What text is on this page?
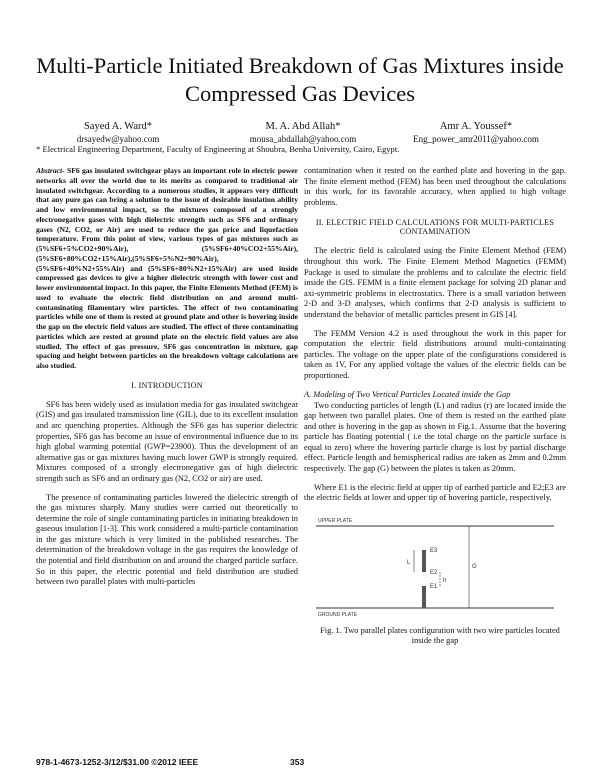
Multi-Particle Initiated Breakdown of Gas Mixtures inside Compressed Gas Devices
Sayed A. Ward*
drsayedw@yahoo.com
M. A. Abd Allah*
mousa_abdallah@yahoo.com
Amr A. Youssef*
Eng_power_amr2011@yahoo.com
* Electrical Engineering Department, Faculty of Engineering at Shoubra, Benha University, Cairo, Egypt.

Abstract- SF6 gas insulated switchgear plays an important role in electric power networks all over the world due to its merits as compared to traditional air insulated switchgear. According to a numerous studies, it appears very difficult that any pure gas can bring a solution to the issue of desirable insulation ability and low environmental impact, so the mixtures composed of a strongly electronegative gases with high dielectric strength such as SF6 and ordinary gases (N2, CO2, or Air) are used to reduce the gas price and liquefaction temperature. From this point of view, various types of gas mixtures such as (5%SF6+5%CO2+90%Air), (5%SF6+40%CO2+55%Air),(5%SF6+80%CO2+15%Air),(5%SF6+5%N2+90%Air),(5%SF6+40%N2+55%Air) and (5%SF6+80%N2+15%Air) are used inside compressed gas devices to give a higher dielectric strength with lower cost and lower environmental impact. In this paper, the Finite Elements Method (FEM) is used to evaluate the electric field distribution on and around multi-contaminating filamentary wire particles. The effect of two contaminating particles while one of them is rested at ground plate and other is hovering inside the gap on the electric field values are studied. The effect of three contaminating particles which are rested at ground plate on the electric field values are also studied. The effect of gas pressure, SF6 gas concentration in mixture, gap spacing and height between particles on the breakdown voltage calculations are also studied.

I. INTRODUCTION

SF6 has been widely used as insulation media for gas insulated switchgear (GIS) and gas insulated transmission line (GIL), due to its excellent insulation and arc quenching properties. Although the SF6 gas has superior dielectric properties, SF6 gas has become an issue of environmental influence due to its high global warming potential (GWP=23900). Thus the development of an alternative gas or gas mixtures having much lower GWP is strongly required. Mixtures composed of a strongly electronegative gas of high dielectric strength such as SF6 and an ordinary gas (N2, CO2 or air) are used.

The presence of contaminating particles lowered the dielectric strength of the gas mixtures sharply. Many studies were carried out theoretically to determine the role of single contaminating particles in initiating breakdown in gaseous insulation [1-3]. This work considered a multi-particle contamination in the gas mixture which is very limited in the published researches. The determination of the breakdown voltage in the gas requires the knowledge of the potential and field distribution on and around the charged particle surface. So in this paper, the electric potential and field distribution are studied between two parallel plates with multi-particles

contamination when it rested on the earthed plate and hovering in the gap. The finite element method (FEM) has been used throughout the calculations in this work, for its favorable accuracy, when applied to high voltage problems.

II. ELECTRIC FIELD CALCULATIONS FOR MULTI-PARTICLES CONTAMINATION

The electric field is calculated using the Finite Element Method (FEM) throughout this work. The Finite Element Method Magnetics (FEMM) Package is used to simulate the problems and to calculate the electric field inside the GIS. FEMM is a finite element package for solving 2D planar and axi-symmetric problems in electrostatics. There is a small variation between 2-D and 3-D analyses, which confirms that 2-D analysis is sufficient to understand the behavior of metallic particles present in GIS [4].

The FEMM Version 4.2 is used throughout the work in this paper for computation the electric field distributions around multi-containating particles. The voltage on the upper plate of the configurations considered is taken as 1V, For any applied voltage the values of the electric fields can be proportioned.

A. Modeling of Two Vertical Particles Located inside the Gap

Two conducting particles of length (L) and radius (r) are located inside the gap between two parallel plates. One of them is rested on the earthed plate and other is hovering in the gap as shown in Fig.1. Assume that the hovering particle has floating potential ( i.e the total charge on the particle surface is equal to zero) where the hovering particle charge is lost by partial discharge effect. Particle length and hemispherical radius are taken as 2mm and 0.2mm respectively. The gap (G) between the plates is taken as 20mm.

Where E1 is the electric field at upper tip of earthed particle and E2;E3 are the electric fields at lower and upper tip of hovering particle, respectively.

UPPER PLATE
GROUND PLATE
E3
E2
E1
L
h
G

Fig. 1. Two parallel plates configuration with two wire particles located inside the gap

978-1-4673-1252-3/12/$31.00 ©2012 IEEE	353
